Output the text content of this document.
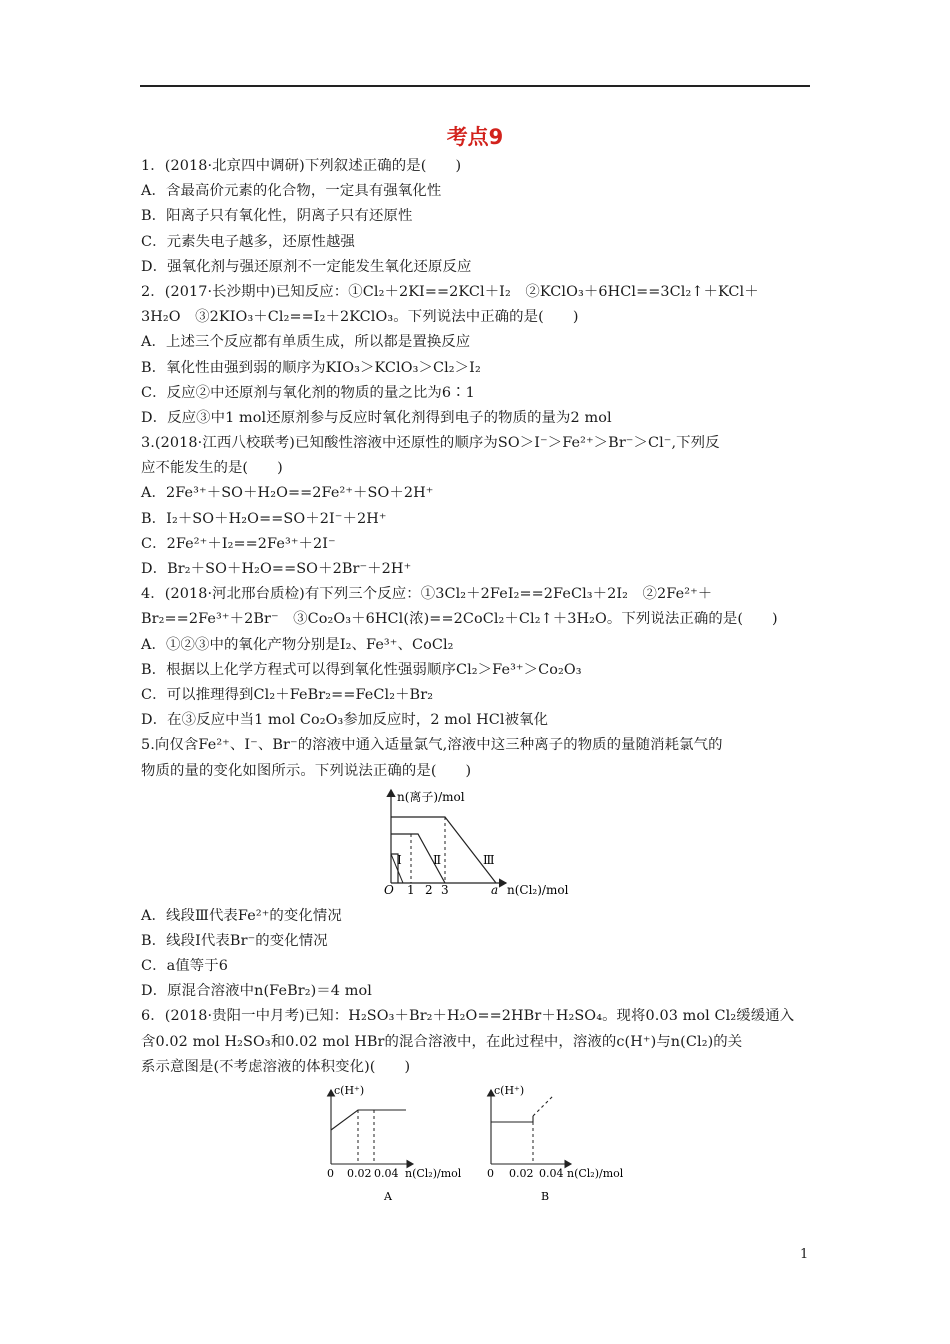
考点9
1．(2018·北京四中调研)下列叙述正确的是(　　)
A．含最高价元素的化合物，一定具有强氧化性
B．阳离子只有氧化性，阴离子只有还原性
C．元素失电子越多，还原性越强
D．强氧化剂与强还原剂不一定能发生氧化还原反应
2．(2017·长沙期中)已知反应：①Cl₂＋2KI==2KCl＋I₂　②KClO₃＋6HCl==3Cl₂↑＋KCl＋
3H₂O　③2KIO₃＋Cl₂==I₂＋2KClO₃。下列说法中正确的是(　　)
A．上述三个反应都有单质生成，所以都是置换反应
B．氧化性由强到弱的顺序为KIO₃＞KClO₃＞Cl₂＞I₂
C．反应②中还原剂与氧化剂的物质的量之比为6∶1
D．反应③中1 mol还原剂参与反应时氧化剂得到电子的物质的量为2 mol
3.(2018·江西八校联考)已知酸性溶液中还原性的顺序为SO＞I⁻＞Fe²⁺＞Br⁻＞Cl⁻,下列反
应不能发生的是(　　)
A．2Fe³⁺＋SO＋H₂O==2Fe²⁺＋SO＋2H⁺
B．I₂＋SO＋H₂O==SO＋2I⁻＋2H⁺
C．2Fe²⁺＋I₂==2Fe³⁺＋2I⁻
D．Br₂＋SO＋H₂O==SO＋2Br⁻＋2H⁺
4．(2018·河北邢台质检)有下列三个反应：①3Cl₂＋2FeI₂==2FeCl₃＋2I₂　②2Fe²⁺＋
Br₂==2Fe³⁺＋2Br⁻　③Co₂O₃＋6HCl(浓)==2CoCl₂＋Cl₂↑＋3H₂O。下列说法正确的是(　　)
A．①②③中的氧化产物分别是I₂、Fe³⁺、CoCl₂
B．根据以上化学方程式可以得到氧化性强弱顺序Cl₂＞Fe³⁺＞Co₂O₃
C．可以推理得到Cl₂＋FeBr₂==FeCl₂＋Br₂
D．在③反应中当1 mol Co₂O₃参加反应时，2 mol HCl被氧化
5.向仅含Fe²⁺、I⁻、Br⁻的溶液中通入适量氯气,溶液中这三种离子的物质的量随消耗氯气的
物质的量的变化如图所示。下列说法正确的是(　　)
n(离子)/mol
n(Cl₂)/mol
O 1 2 3	a
Ⅰ	Ⅱ	Ⅲ
A．线段Ⅲ代表Fe²⁺的变化情况
B．线段Ⅰ代表Br⁻的变化情况
C．a值等于6
D．原混合溶液中n(FeBr₂)＝4 mol
6．(2018·贵阳一中月考)已知：H₂SO₃＋Br₂＋H₂O==2HBr＋H₂SO₄。现将0.03 mol Cl₂缓缓通入
含0.02 mol H₂SO₃和0.02 mol HBr的混合溶液中，在此过程中，溶液的c(H⁺)与n(Cl₂)的关
系示意图是(不考虑溶液的体积变化)(　　)
c(H⁺)
0 0.02 0.04 n(Cl₂)/mol
A
c(H⁺)
0 0.02 0.04 n(Cl₂)/mol
B
1
